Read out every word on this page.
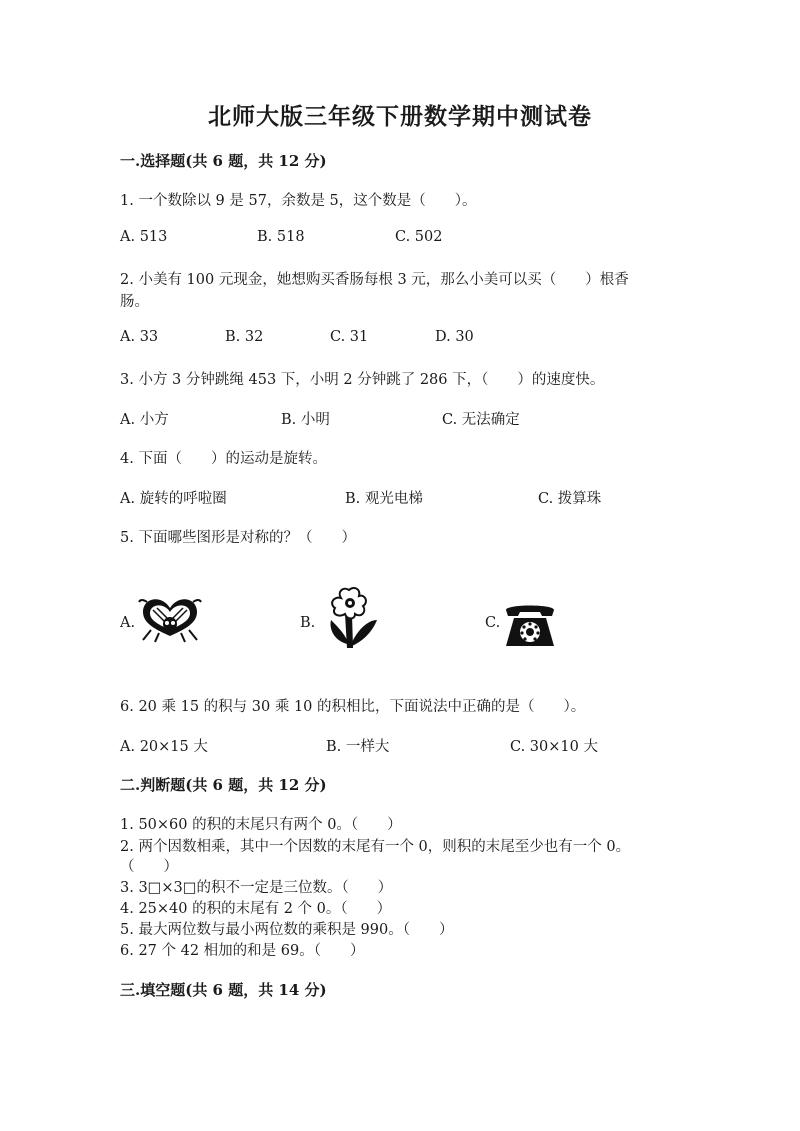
北师大版三年级下册数学期中测试卷
一.选择题(共 6 题，共 12 分)
1. 一个数除以 9 是 57，余数是 5，这个数是（　　）。
A. 513	B. 518	C. 502
2. 小美有 100 元现金，她想购买香肠每根 3 元，那么小美可以买（　　）根香
肠。
A. 33	B. 32	C. 31	D. 30
3. 小方 3 分钟跳绳 453 下，小明 2 分钟跳了 286 下，（　　）的速度快。
A. 小方	B. 小明	C. 无法确定
4. 下面（　　）的运动是旋转。
A. 旋转的呼啦圈	B. 观光电梯	C. 拨算珠
5. 下面哪些图形是对称的？（　　）
A.	B.	C.
6. 20 乘 15 的积与 30 乘 10 的积相比，下面说法中正确的是（　　）。
A. 20×15 大	B. 一样大	C. 30×10 大
二.判断题(共 6 题，共 12 分)
1. 50×60 的积的末尾只有两个 0。（　　）
2. 两个因数相乘，其中一个因数的末尾有一个 0，则积的末尾至少也有一个 0。
（　　）
3. 3□×3□的积不一定是三位数。（　　）
4. 25×40 的积的末尾有 2 个 0。（　　）
5. 最大两位数与最小两位数的乘积是 990。（　　）
6. 27 个 42 相加的和是 69。（　　）
三.填空题(共 6 题，共 14 分)
